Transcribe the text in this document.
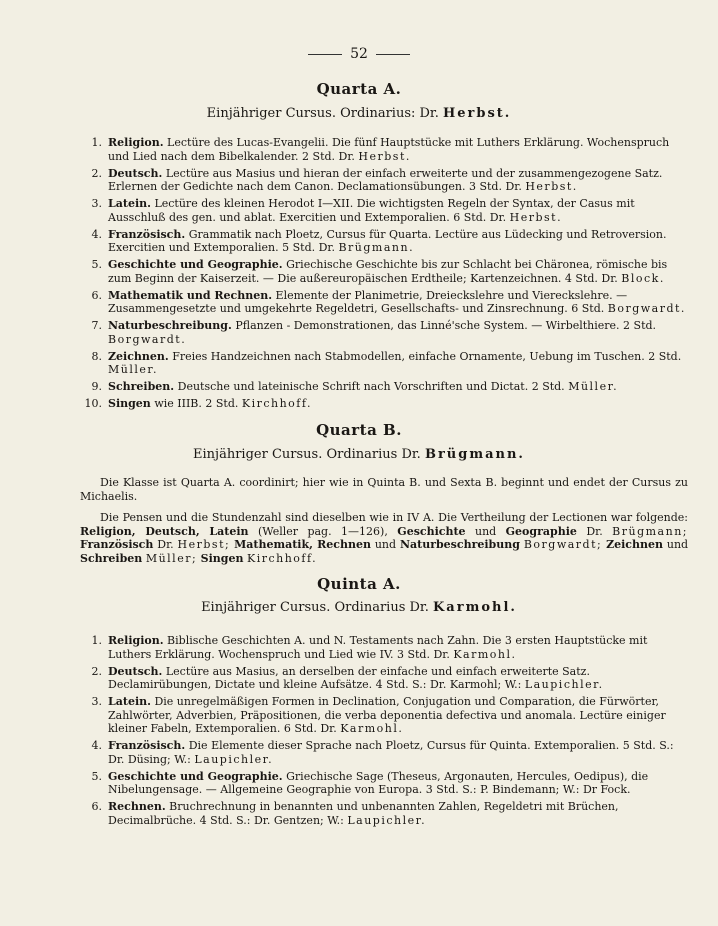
52
Quarta A.
Einjähriger Cursus. Ordinarius: Dr. Herbst.
1. Religion. Lectüre des Lucas-Evangelii. Die fünf Hauptstücke mit Luthers Erklärung. Wochenspruch und Lied nach dem Bibelkalender. 2 Std. Dr. Herbst.
2. Deutsch. Lectüre aus Masius und hieran der einfach erweiterte und der zusammengezogene Satz. Erlernen der Gedichte nach dem Canon. Declamationsübungen. 3 Std. Dr. Herbst.
3. Latein. Lectüre des kleinen Herodot I—XII. Die wichtigsten Regeln der Syntax, der Casus mit Ausschluß des gen. und ablat. Exercitien und Extemporalien. 6 Std. Dr. Herbst.
4. Französisch. Grammatik nach Ploetz, Cursus für Quarta. Lectüre aus Lüdecking und Retroversion. Exercitien und Extemporalien. 5 Std. Dr. Brügmann.
5. Geschichte und Geographie. Griechische Geschichte bis zur Schlacht bei Chäronea, römische bis zum Beginn der Kaiserzeit. — Die außereuropäischen Erdtheile; Kartenzeichnen. 4 Std. Dr. Block.
6. Mathematik und Rechnen. Elemente der Planimetrie, Dreieckslehre und Viereckslehre. — Zusammengesetzte und umgekehrte Regeldetri, Gesellschafts- und Zinsrechnung. 6 Std. Borgwardt.
7. Naturbeschreibung. Pflanzen - Demonstrationen, das Linné'sche System. — Wirbelthiere. 2 Std. Borgwardt.
8. Zeichnen. Freies Handzeichnen nach Stabmodellen, einfache Ornamente, Uebung im Tuschen. 2 Std. Müller.
9. Schreiben. Deutsche und lateinische Schrift nach Vorschriften und Dictat. 2 Std. Müller.
10. Singen wie IIIB. 2 Std. Kirchhoff.
Quarta B.
Einjähriger Cursus. Ordinarius Dr. Brügmann.
Die Klasse ist Quarta A. coordinirt; hier wie in Quinta B. und Sexta B. beginnt und endet der Cursus zu Michaelis.
Die Pensen und die Stundenzahl sind dieselben wie in IV A. Die Vertheilung der Lectionen war folgende: Religion, Deutsch, Latein (Weller pag. 1—126), Geschichte und Geographie Dr. Brügmann; Französisch Dr. Herbst; Mathematik, Rechnen und Naturbeschreibung Borgwardt; Zeichnen und Schreiben Müller; Singen Kirchhoff.
Quinta A.
Einjähriger Cursus. Ordinarius Dr. Karmohl.
1. Religion. Biblische Geschichten A. und N. Testaments nach Zahn. Die 3 ersten Hauptstücke mit Luthers Erklärung. Wochenspruch und Lied wie IV. 3 Std. Dr. Karmohl.
2. Deutsch. Lectüre aus Masius, an derselben der einfache und einfach erweiterte Satz. Declamirübungen, Dictate und kleine Aufsätze. 4 Std. S.: Dr. Karmohl; W.: Laupichler.
3. Latein. Die unregelmäßigen Formen in Declination, Conjugation und Comparation, die Fürwörter, Zahlwörter, Adverbien, Präpositionen, die verba deponentia defectiva und anomala. Lectüre einiger kleiner Fabeln, Extemporalien. 6 Std. Dr. Karmohl.
4. Französisch. Die Elemente dieser Sprache nach Ploetz, Cursus für Quinta. Extemporalien. 5 Std. S.: Dr. Düsing; W.: Laupichler.
5. Geschichte und Geographie. Griechische Sage (Theseus, Argonauten, Hercules, Oedipus), die Nibelungensage. — Allgemeine Geographie von Europa. 3 Std. S.: P. Bindemann; W.: Dr Fock.
6. Rechnen. Bruchrechnung in benannten und unbenannten Zahlen, Regeldetri mit Brüchen, Decimalbrüche. 4 Std. S.: Dr. Gentzen; W.: Laupichler.
